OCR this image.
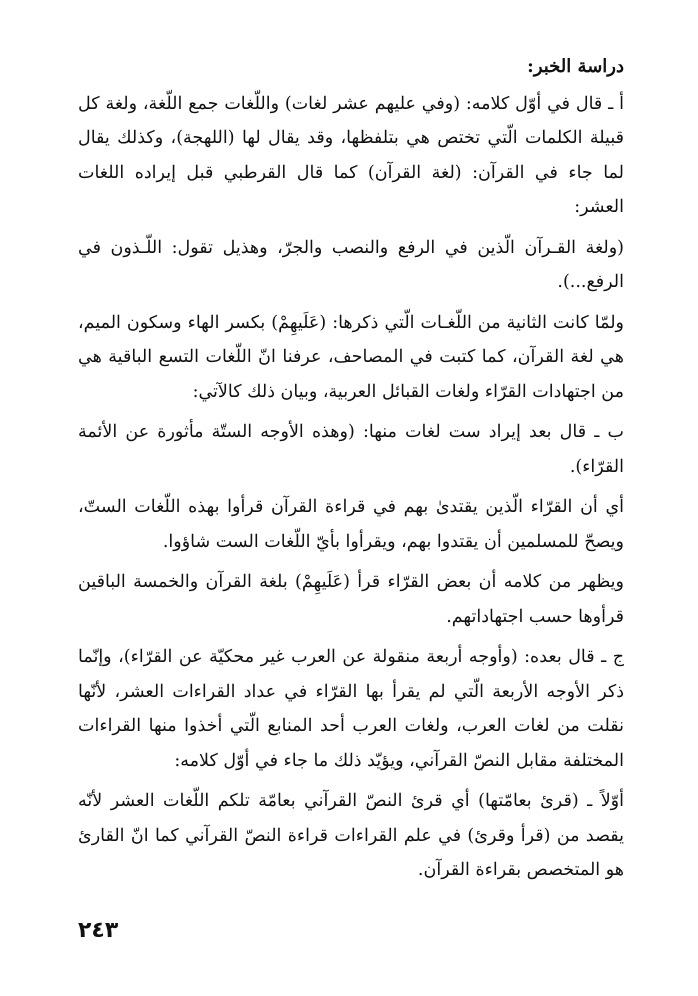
دراسة الخبر:

أ ـ قال في أوّل كلامه: (وفي عليهم عشر لغات) واللّغات جمع اللّغة، ولغة كل قبيلة الكلمات الّتي تختص هي بتلفظها، وقد يقال لها (اللهجة)، وكذلك يقال لما جاء في القرآن: (لغة القرآن) كما قال القرطبي قبل إيراده اللغات العشر:

(ولغة القـرآن الّذين في الرفع والنصب والجرّ، وهذيل تقول: اللّـذون في الرفع...).

ولمّا كانت الثانية من اللّغـات الّتي ذكرها: (عَلَيهِمْ) بكسر الهاء وسكون الميم، هي لغة القرآن، كما كتبت في المصاحف، عرفنا انّ اللّغات التسع الباقية هي من اجتهادات القرّاء ولغات القبائل العربية، وبيان ذلك كالآتي:

ب ـ قال بعد إيراد ست لغات منها: (وهذه الأوجه الستّة مأثورة عن الأئمة القرّاء).

أي أن القرّاء الّذين يقتدىٰ بهم في قراءة القرآن قرأوا بهذه اللّغات الستّ، ويصحّ للمسلمين أن يقتدوا بهم، ويقرأوا بأيّ اللّغات الست شاؤوا.

ويظهر من كلامه أن بعض القرّاء قرأ (عَلَيهِمْ) بلغة القرآن والخمسة الباقين قرأوها حسب اجتهاداتهم.

ج ـ قال بعده: (وأوجه أربعة منقولة عن العرب غير محكيّة عن القرّاء)، وإنّما ذكر الأوجه الأربعة الّتي لم يقرأ بها القرّاء في عداد القراءات العشر، لأنّها نقلت من لغات العرب، ولغات العرب أحد المنابع الّتي أخذوا منها القراءات المختلفة مقابل النصّ القرآني، ويؤيّد ذلك ما جاء في أوّل كلامه:

أوّلاً ـ (قرئ بعامّتها) أي قرئ النصّ القرآني بعامّة تلكم اللّغات العشر لأنّه يقصد من (قرأ وقرئ) في علم القراءات قراءة النصّ القرآني كما انّ القارئ هو المتخصص بقراءة القرآن.

٢٤٣
